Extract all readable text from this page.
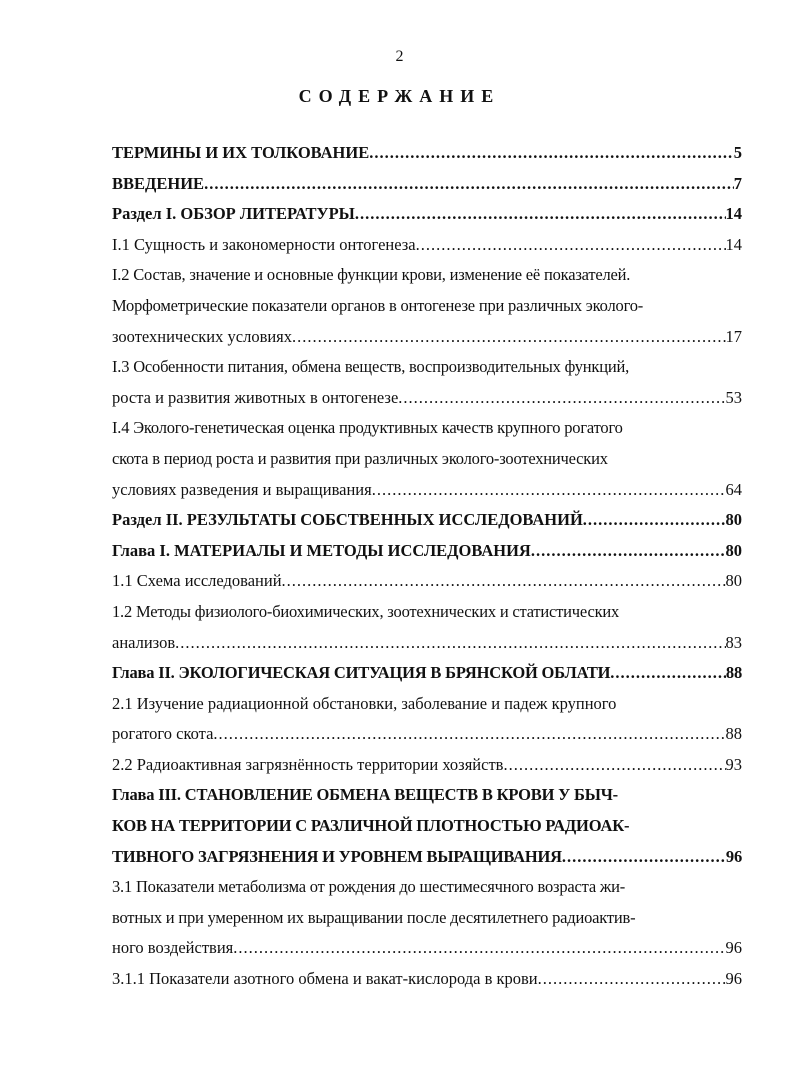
2
СОДЕРЖАНИЕ
ТЕРМИНЫ И ИХ ТОЛКОВАНИЕ .....	5
ВВЕДЕНИЕ .....	7
Раздел I. ОБЗОР ЛИТЕРАТУРЫ .....	14
I.1 Сущность и закономерности онтогенеза .....	14
I.2 Состав, значение и основные функции крови, изменение её показателей.
Морфометрические показатели органов в онтогенезе при различных эколого-
зоотехнических условиях .....	17
I.3 Особенности питания, обмена веществ, воспроизводительных функций,
роста и развития животных в онтогенезе .....	53
I.4 Эколого-генетическая оценка продуктивных качеств крупного рогатого
скота в период роста и развития при различных эколого-зоотехнических
условиях разведения и выращивания .....	64
Раздел II. РЕЗУЛЬТАТЫ СОБСТВЕННЫХ ИССЛЕДОВАНИЙ .....	80
Глава I. МАТЕРИАЛЫ И МЕТОДЫ ИССЛЕДОВАНИЯ .....	80
1.1 Схема исследований .....	80
1.2 Методы физиолого-биохимических, зоотехнических и статистических
анализов .....	83
Глава II. ЭКОЛОГИЧЕСКАЯ СИТУАЦИЯ В БРЯНСКОЙ ОБЛАТИ .....	88
2.1 Изучение радиационной обстановки, заболевание и падеж крупного
рогатого скота .....	88
2.2 Радиоактивная загрязнённость территории хозяйств .....	93
Глава III. СТАНОВЛЕНИЕ ОБМЕНА ВЕЩЕСТВ В КРОВИ У БЫЧ-
КОВ НА ТЕРРИТОРИИ С РАЗЛИЧНОЙ ПЛОТНОСТЬЮ РАДИОАК-
ТИВНОГО ЗАГРЯЗНЕНИЯ И УРОВНЕМ ВЫРАЩИВАНИЯ .....	96
3.1 Показатели метаболизма от рождения до шестимесячного возраста жи-
вотных и при умеренном их выращивании после десятилетнего радиоактив-
ного воздействия .....	96
3.1.1 Показатели азотного обмена и вакат-кислорода в крови .....	96
